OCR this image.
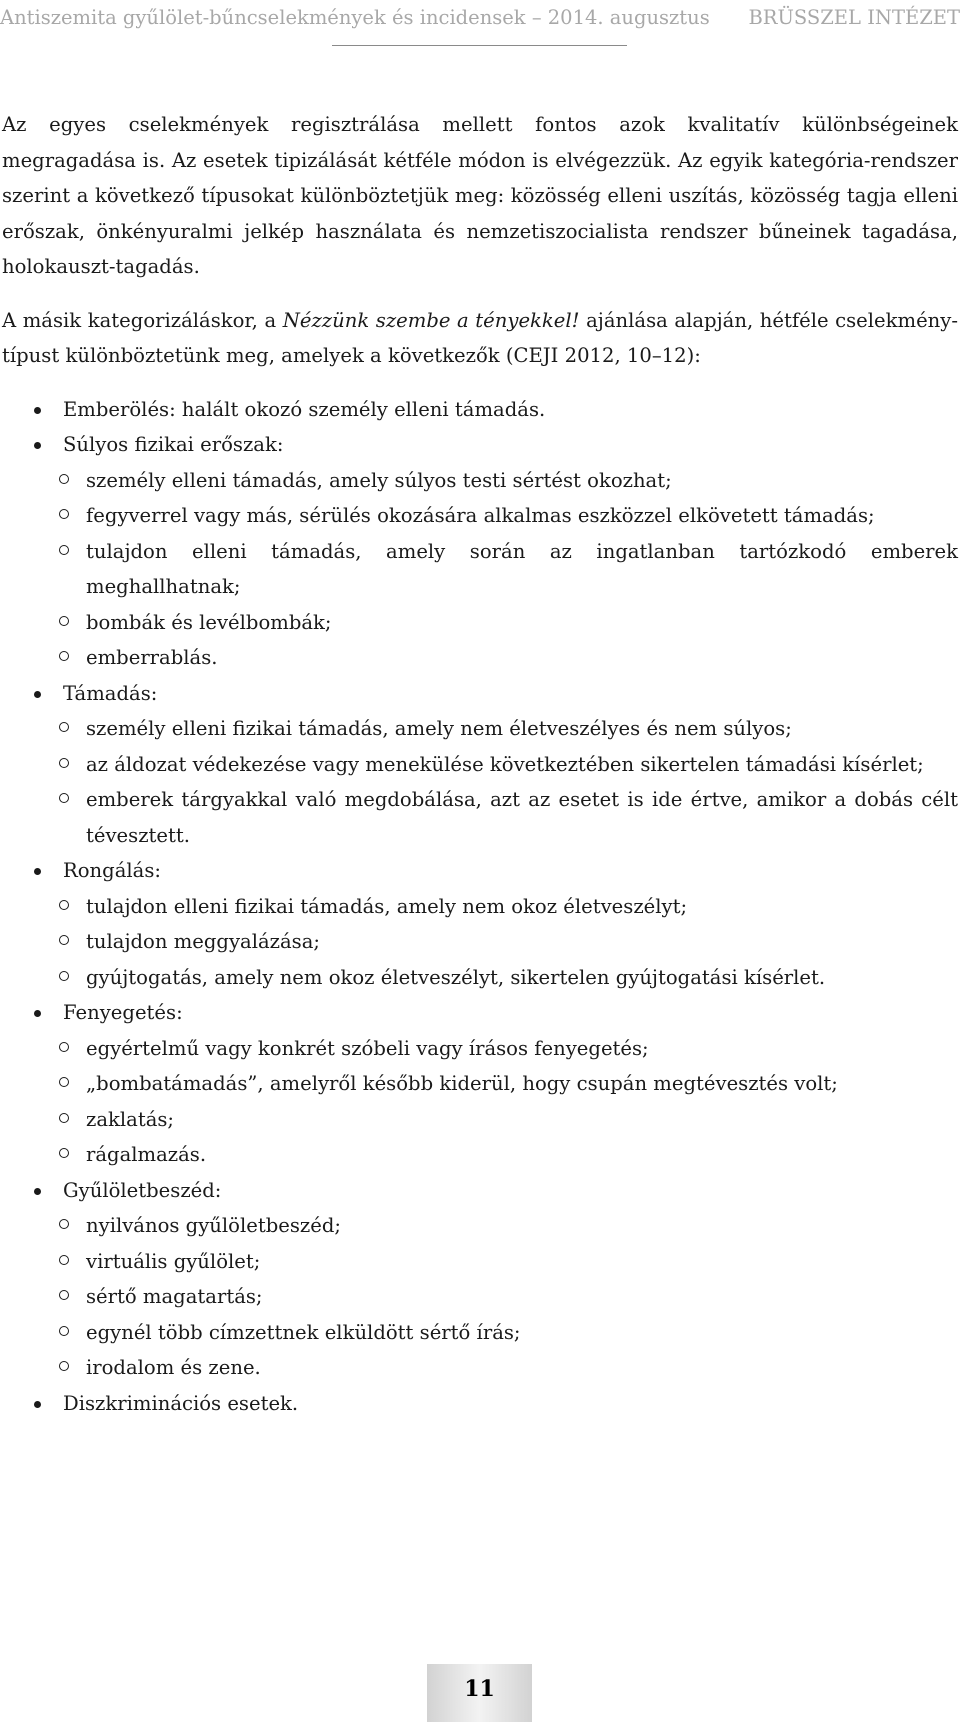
Antiszemita gyűlölet-bűncselekmények és incidensek – 2014. augusztus BRÜSSZEL INTÉZET

Az egyes cselekmények regisztrálása mellett fontos azok kvalitatív különbségeinek megragadása is. Az esetek tipizálását kétféle módon is elvégezzük. Az egyik kategória-rendszer szerint a következő típusokat különböztetjük meg: közösség elleni uszítás, közösség tagja elleni erőszak, önkényuralmi jelkép használata és nemzetiszocialista rendszer bűneinek tagadása, holokauszt-tagadás.

A másik kategorizáláskor, a Nézzünk szembe a tényekkel! ajánlása alapján, hétféle cselekmény-típust különböztetünk meg, amelyek a következők (CEJI 2012, 10–12):

Emberölés: halált okozó személy elleni támadás.
Súlyos fizikai erőszak:
személy elleni támadás, amely súlyos testi sértést okozhat;
fegyverrel vagy más, sérülés okozására alkalmas eszközzel elkövetett támadás;
tulajdon elleni támadás, amely során az ingatlanban tartózkodó emberek meghallhatnak;
bombák és levélbombák;
emberrablás.
Támadás:
személy elleni fizikai támadás, amely nem életveszélyes és nem súlyos;
az áldozat védekezése vagy menekülése következtében sikertelen támadási kísérlet;
emberek tárgyakkal való megdobálása, azt az esetet is ide értve, amikor a dobás célt tévesztett.
Rongálás:
tulajdon elleni fizikai támadás, amely nem okoz életveszélyt;
tulajdon meggyalázása;
gyújtogatás, amely nem okoz életveszélyt, sikertelen gyújtogatási kísérlet.
Fenyegetés:
egyértelmű vagy konkrét szóbeli vagy írásos fenyegetés;
„bombatámadás”, amelyről később kiderül, hogy csupán megtévesztés volt;
zaklatás;
rágalmazás.
Gyűlöletbeszéd:
nyilvános gyűlöletbeszéd;
virtuális gyűlölet;
sértő magatartás;
egynél több címzettnek elküldött sértő írás;
irodalom és zene.
Diszkriminációs esetek.
11
